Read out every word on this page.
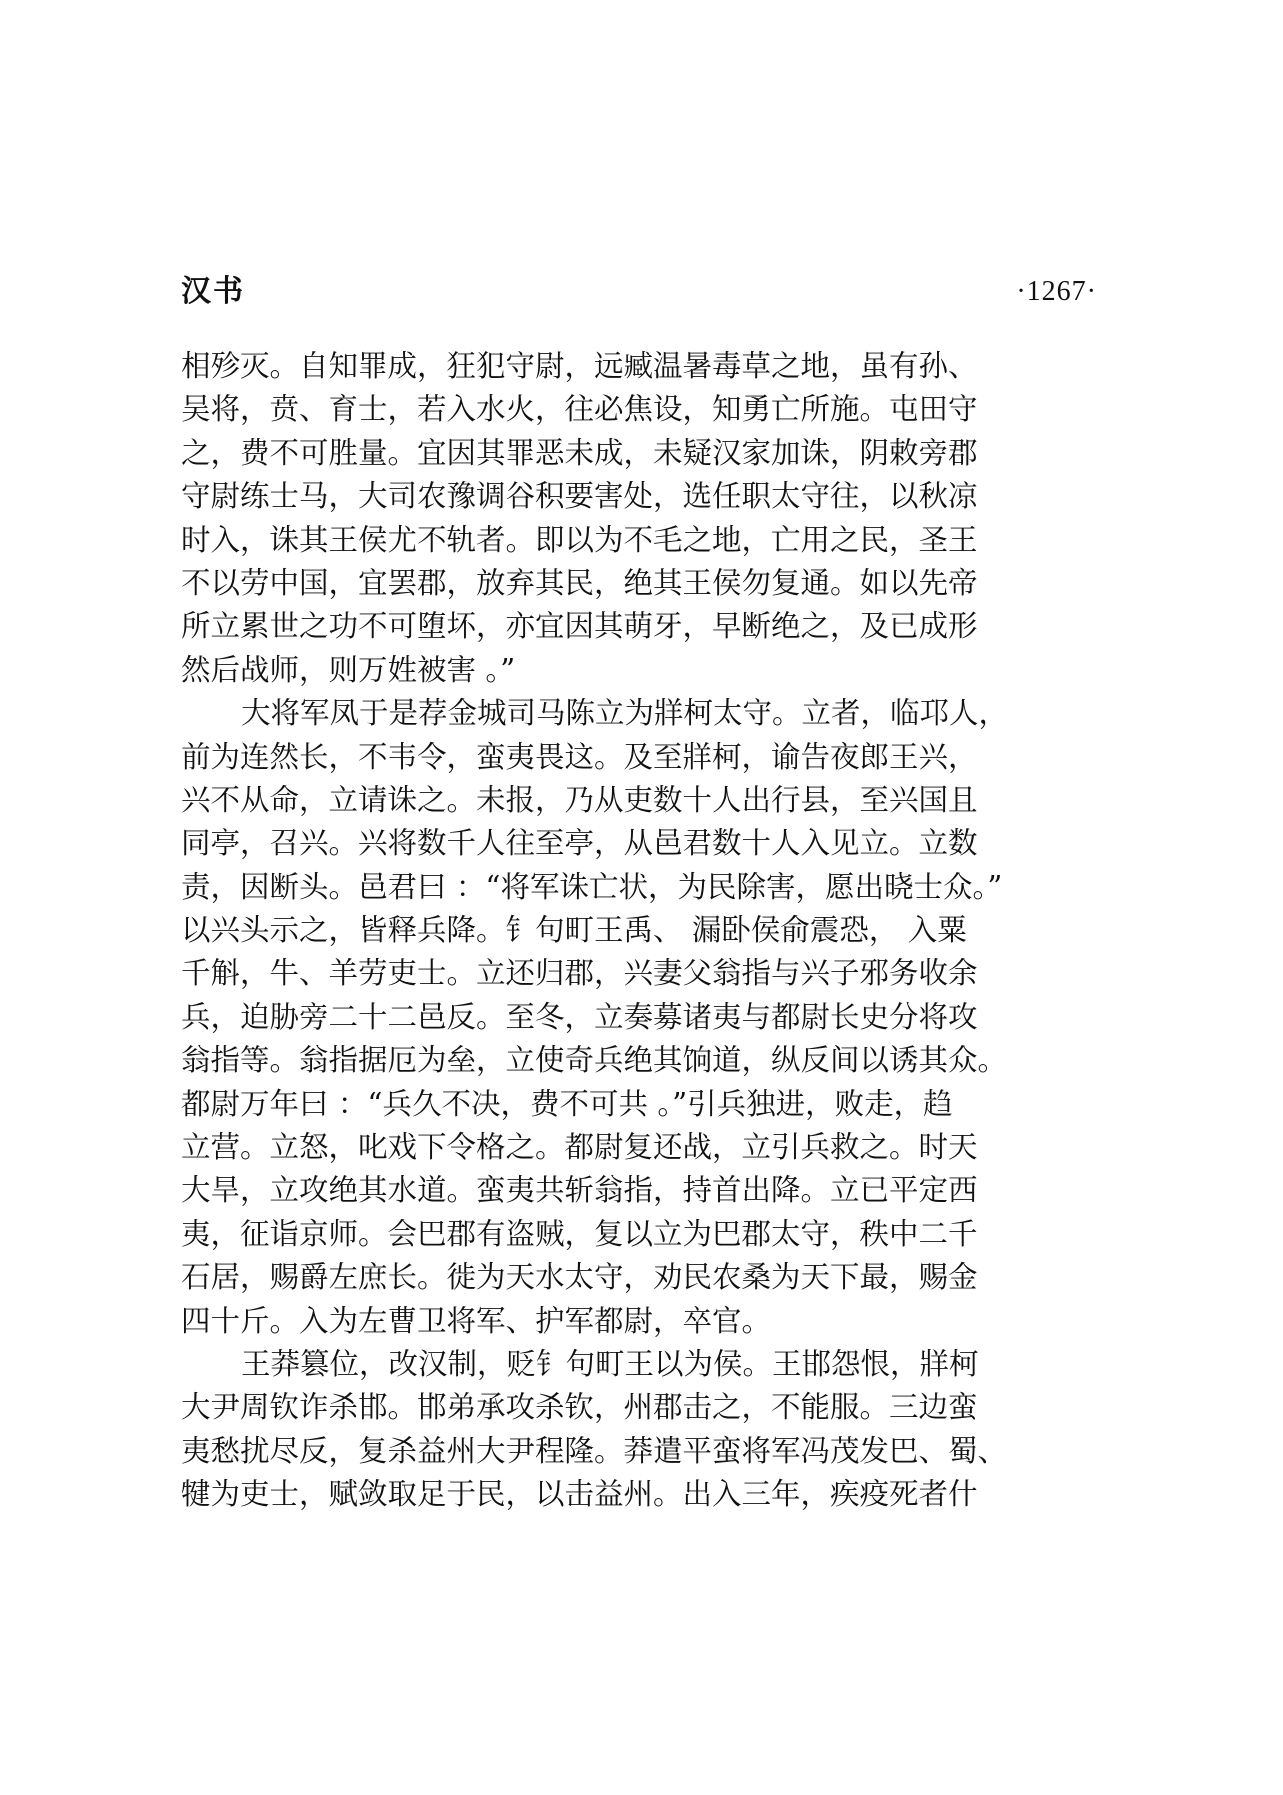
汉书	·1267·
相殄灭。自知罪成，狂犯守尉，远臧温暑毒草之地，虽有孙、
吴将，贲、育士，若入水火，往必焦设，知勇亡所施。屯田守
之，费不可胜量。宜因其罪恶未成，未疑汉家加诛，阴敕旁郡
守尉练士马，大司农豫调谷积要害处，选任职太守往，以秋凉
时入，诛其王侯尤不轨者。即以为不毛之地，亡用之民，圣王
不以劳中国，宜罢郡，放弃其民，绝其王侯勿复通。如以先帝
所立累世之功不可堕坏，亦宜因其萌牙，早断绝之，及已成形
然后战师，则万姓被害 。”
大将军凤于是荐金城司马陈立为牂柯太守。立者，临邛人，
前为连然长，不韦令，蛮夷畏这。及至牂柯，谕告夜郎王兴，
兴不从命，立请诛之。未报，乃从吏数十人出行县，至兴国且
同亭，召兴。兴将数千人往至亭，从邑君数十人入见立。立数
责，因断头。邑君曰 ：“将军诛亡状，为民除害，愿出晓士众。”
以兴头示之，皆释兵降。钅句町王禹、 漏卧侯俞震恐， 入粟
千斛，牛、羊劳吏士。立还归郡，兴妻父翁指与兴子邪务收余
兵，迫胁旁二十二邑反。至冬，立奏募诸夷与都尉长史分将攻
翁指等。翁指据厄为垒，立使奇兵绝其饷道，纵反间以诱其众。
都尉万年曰 ：“兵久不决，费不可共 。”引兵独进，败走，趋
立营。立怒，叱戏下令格之。都尉复还战，立引兵救之。时天
大旱，立攻绝其水道。蛮夷共斩翁指，持首出降。立已平定西
夷，征诣京师。会巴郡有盗贼，复以立为巴郡太守，秩中二千
石居，赐爵左庶长。徙为天水太守，劝民农桑为天下最，赐金
四十斤。入为左曹卫将军、护军都尉，卒官。
王莽篡位，改汉制，贬钅句町王以为侯。王邯怨恨，牂柯
大尹周钦诈杀邯。邯弟承攻杀钦，州郡击之，不能服。三边蛮
夷愁扰尽反，复杀益州大尹程隆。莽遣平蛮将军冯茂发巴、蜀、
犍为吏士，赋敛取足于民，以击益州。出入三年，疾疫死者什
